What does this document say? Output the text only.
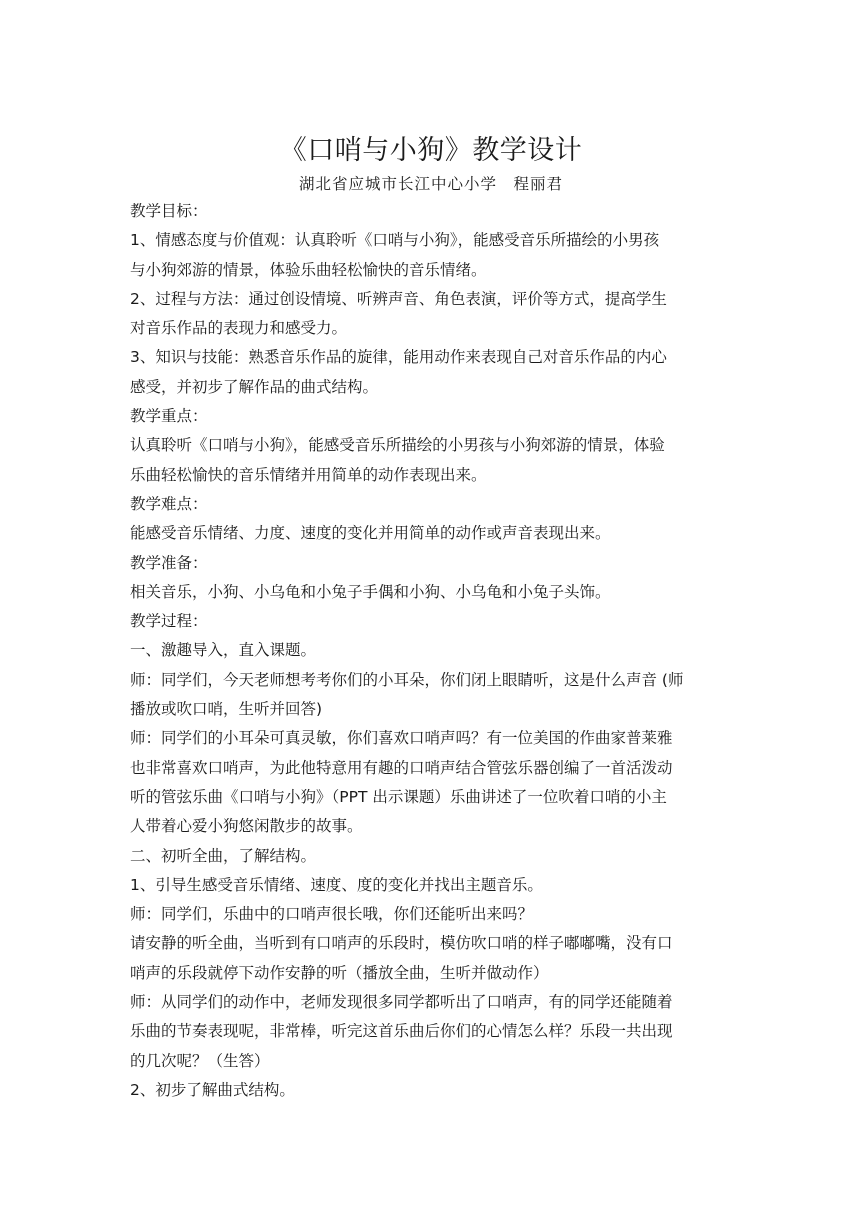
《口哨与小狗》教学设计
湖北省应城市长江中心小学　程丽君

教学目标：

1、情感态度与价值观：认真聆听《口哨与小狗》，能感受音乐所描绘的小男孩

与小狗郊游的情景，体验乐曲轻松愉快的音乐情绪。

2、过程与方法：通过创设情境、听辨声音、角色表演，评价等方式，提高学生

对音乐作品的表现力和感受力。

3、知识与技能：熟悉音乐作品的旋律，能用动作来表现自己对音乐作品的内心

感受，并初步了解作品的曲式结构。

教学重点：

认真聆听《口哨与小狗》，能感受音乐所描绘的小男孩与小狗郊游的情景，体验

乐曲轻松愉快的音乐情绪并用简单的动作表现出来。

教学难点：

能感受音乐情绪、力度、速度的变化并用简单的动作或声音表现出来。

教学准备：

相关音乐，小狗、小乌龟和小兔子手偶和小狗、小乌龟和小兔子头饰。

教学过程：

一、激趣导入，直入课题。

师：同学们，今天老师想考考你们的小耳朵，你们闭上眼睛听，这是什么声音 (师

播放或吹口哨，生听并回答)

师：同学们的小耳朵可真灵敏，你们喜欢口哨声吗？有一位美国的作曲家普莱雅

也非常喜欢口哨声，为此他特意用有趣的口哨声结合管弦乐器创编了一首活泼动

听的管弦乐曲《口哨与小狗》（PPT 出示课题）乐曲讲述了一位吹着口哨的小主

人带着心爱小狗悠闲散步的故事。

二、初听全曲，了解结构。

1、引导生感受音乐情绪、速度、度的变化并找出主题音乐。

师：同学们，乐曲中的口哨声很长哦，你们还能听出来吗？

请安静的听全曲，当听到有口哨声的乐段时，模仿吹口哨的样子嘟嘟嘴，没有口

哨声的乐段就停下动作安静的听（播放全曲，生听并做动作）

师：从同学们的动作中，老师发现很多同学都听出了口哨声，有的同学还能随着

乐曲的节奏表现呢，非常棒，听完这首乐曲后你们的心情怎么样？乐段一共出现

的几次呢？（生答）

2、初步了解曲式结构。
